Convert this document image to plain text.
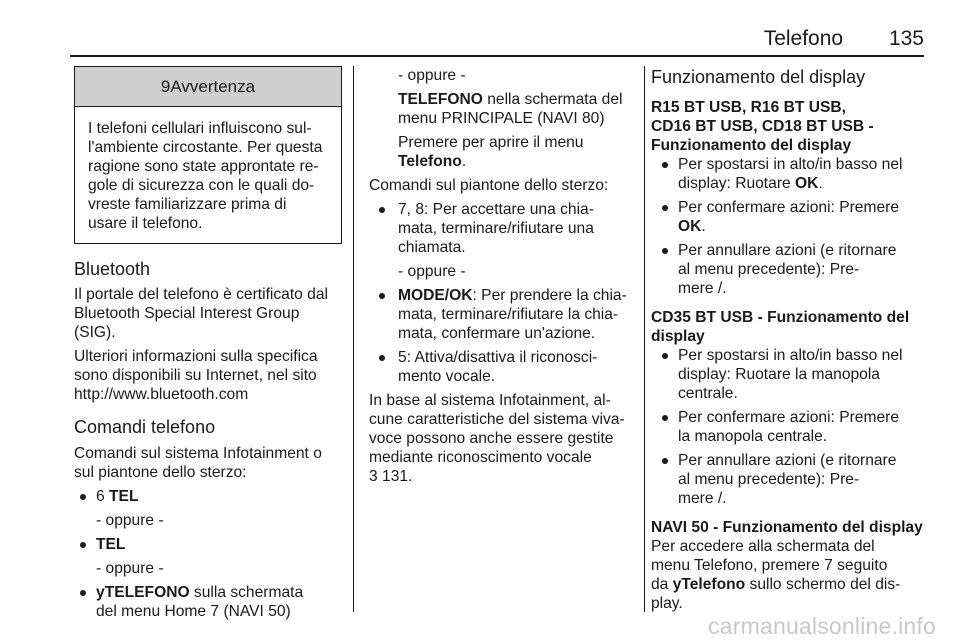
Telefono 135
9Avvertenza
I telefoni cellulari influiscono sul-
l'ambiente circostante. Per questa
ragione sono state approntate re-
gole di sicurezza con le quali do-
vreste familiarizzare prima di
usare il telefono.
Bluetooth

Il portale del telefono è certificato dal
Bluetooth Special Interest Group
(SIG).

Ulteriori informazioni sulla specifica
sono disponibili su Internet, nel sito
http://www.bluetooth.com

Comandi telefono

Comandi sul sistema Infotainment o
sul piantone dello sterzo:

6 TEL
- oppure -
TEL
- oppure -
yTELEFONO sulla schermata
del menu Home 7 (NAVI 50)
- oppure -

TELEFONO nella schermata del
menu PRINCIPALE (NAVI 80)

Premere per aprire il menu
Telefono.

Comandi sul piantone dello sterzo:

7, 8: Per accettare una chia-
mata, terminare/rifiutare una
chiamata.
- oppure -
MODE/OK: Per prendere la chia-
mata, terminare/rifiutare la chia-
mata, confermare un'azione.
5: Attiva/disattiva il riconosci-
mento vocale.

In base al sistema Infotainment, al-
cune caratteristiche del sistema viva-
voce possono anche essere gestite
mediante riconoscimento vocale
3 131.

Funzionamento del display

R15 BT USB, R16 BT USB,
CD16 BT USB, CD18 BT USB -
Funzionamento del display

Per spostarsi in alto/in basso nel
display: Ruotare OK.
Per confermare azioni: Premere
OK.
Per annullare azioni (e ritornare
al menu precedente): Pre-
mere /.

CD35 BT USB - Funzionamento del
display

Per spostarsi in alto/in basso nel
display: Ruotare la manopola
centrale.
Per confermare azioni: Premere
la manopola centrale.
Per annullare azioni (e ritornare
al menu precedente): Pre-
mere /.

NAVI 50 - Funzionamento del display

Per accedere alla schermata del
menu Telefono, premere 7 seguito
da yTelefono sullo schermo del dis-
play.

carmanualsonline.info
